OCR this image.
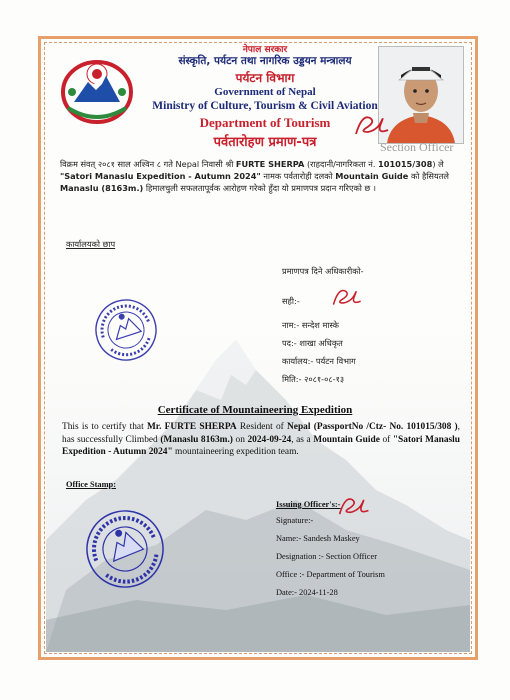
नेपाल सरकार
संस्कृति, पर्यटन तथा नागरिक उड्डयन मन्त्रालय
पर्यटन विभाग
Government of Nepal
Ministry of Culture, Tourism & Civil Aviation
Department of Tourism
पर्वतारोहण प्रमाण-पत्र	Section Officer
विक्रम संवत् २०८१ साल अश्विन ८ गते Nepal निवासी श्री FURTE SHERPA (राहदानी/नागरिकता नं. 101015/308) ले "Satori Manaslu Expedition - Autumn 2024" नामक पर्वतारोही दलको Mountain Guide को हैसियतले Manaslu (8163m.) हिमालचुली सफलतापूर्वक आरोहण गरेको हुँदा यो प्रमाणपत्र प्रदान गरिएको छ ।
कार्यालयको छाप
प्रमाणपत्र दिने अधिकारीको-
सही:-
नाम:- सन्देश मास्के
पद:- शाखा अधिकृत
कार्यालय:- पर्यटन विभाग
मिति:- २०८१-०८-१३
Certificate of Mountaineering Expedition
This is to certify that Mr. FURTE SHERPA Resident of Nepal (PassportNo /Ctz- No. 101015/308 ), has successfully Climbed (Manaslu 8163m.) on 2024-09-24, as a Mountain Guide of "Satori Manaslu Expedition - Autumn 2024" mountaineering expedition team.
Office Stamp:
Issuing Officer's:-
Signature:-
Name:- Sandesh Maskey
Designation :- Section Officer
Office :- Department of Tourism
Date:- 2024-11-28
